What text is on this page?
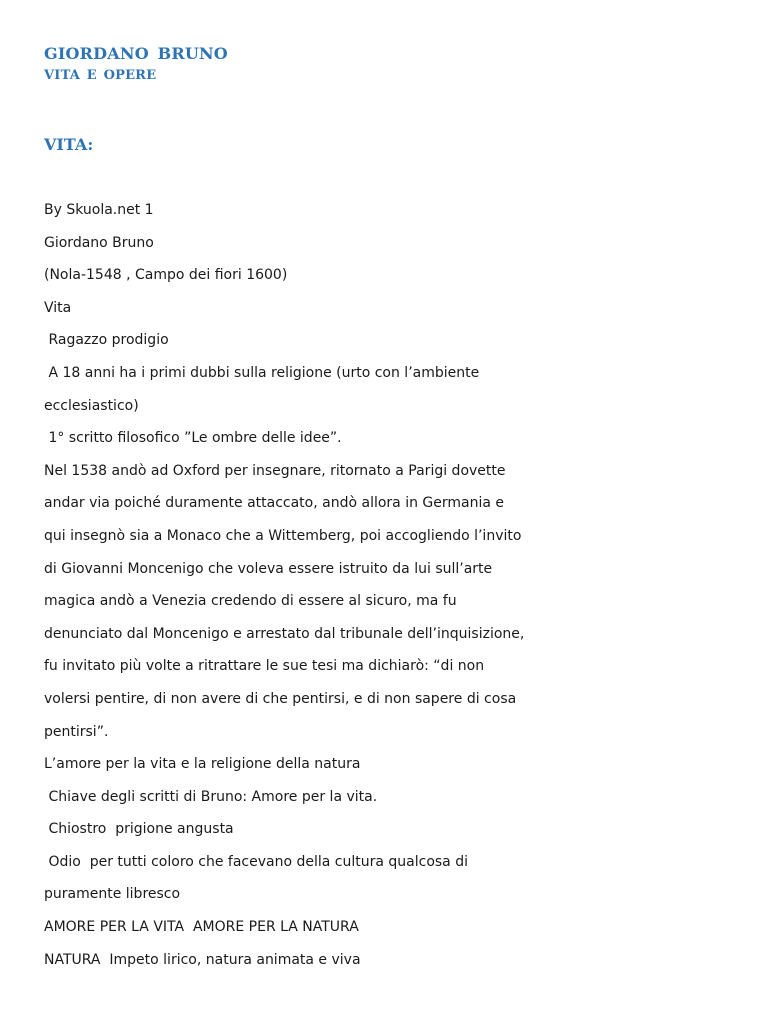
GIORDANO BRUNO
VITA E OPERE
VITA:
By Skuola.net 1
Giordano Bruno
(Nola-1548 , Campo dei fiori 1600)
Vita
Ragazzo prodigio
A 18 anni ha i primi dubbi sulla religione (urto con l’ambiente
ecclesiastico)
1° scritto filosofico ”Le ombre delle idee”.
Nel 1538 andò ad Oxford per insegnare, ritornato a Parigi dovette
andar via poiché duramente attaccato, andò allora in Germania e
qui insegnò sia a Monaco che a Wittemberg, poi accogliendo l’invito
di Giovanni Moncenigo che voleva essere istruito da lui sull’arte
magica andò a Venezia credendo di essere al sicuro, ma fu
denunciato dal Moncenigo e arrestato dal tribunale dell’inquisizione,
fu invitato più volte a ritrattare le sue tesi ma dichiarò: “di non
volersi pentire, di non avere di che pentirsi, e di non sapere di cosa
pentirsi”.
L’amore per la vita e la religione della natura
Chiave degli scritti di Bruno: Amore per la vita.
Chiostro  prigione angusta
Odio  per tutti coloro che facevano della cultura qualcosa di
puramente libresco
AMORE PER LA VITA  AMORE PER LA NATURA
NATURA  Impeto lirico, natura animata e viva
